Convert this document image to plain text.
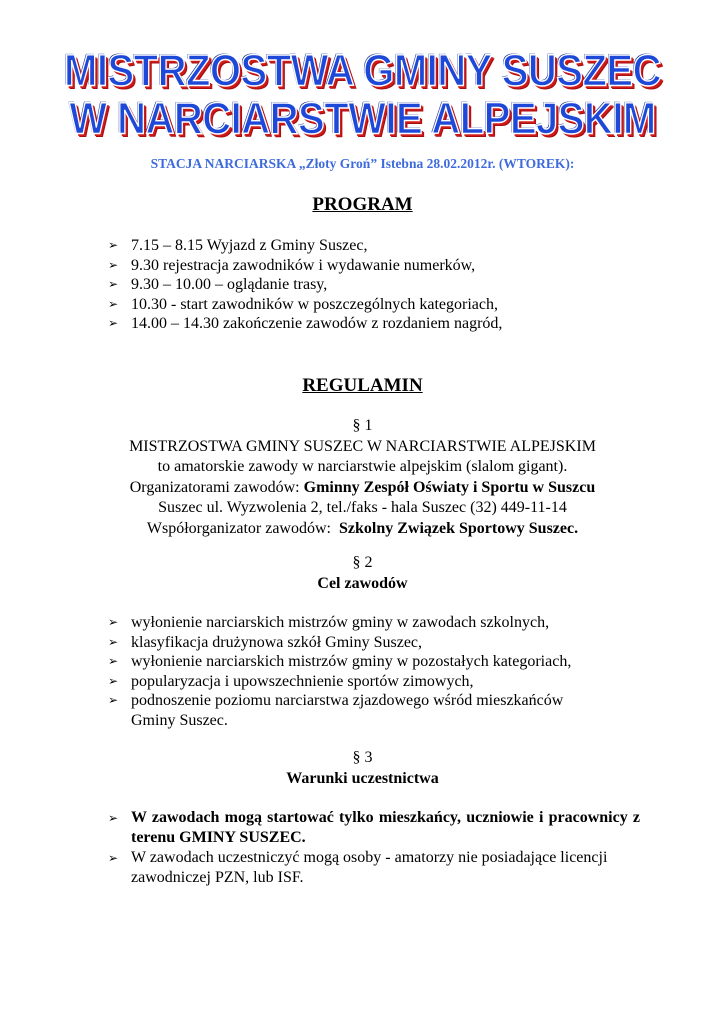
MISTRZOSTWA GMINY SUSZEC
W NARCIARSTWIE ALPEJSKIM
STACJA NARCIARSKA „Złoty Groń” Istebna 28.02.2012r. (WTOREK):
PROGRAM
➢ 7.15 – 8.15 Wyjazd z Gminy Suszec,
➢ 9.30 rejestracja zawodników i wydawanie numerków,
➢ 9.30 – 10.00 – oglądanie trasy,
➢ 10.30 - start zawodników w poszczególnych kategoriach,
➢ 14.00 – 14.30 zakończenie zawodów z rozdaniem nagród,
REGULAMIN
§ 1
MISTRZOSTWA GMINY SUSZEC W NARCIARSTWIE ALPEJSKIM
to amatorskie zawody w narciarstwie alpejskim (slalom gigant).
Organizatorami zawodów: Gminny Zespół Oświaty i Sportu w Suszcu
Suszec ul. Wyzwolenia 2, tel./faks - hala Suszec (32) 449-11-14
Współorganizator zawodów:  Szkolny Związek Sportowy Suszec.
§ 2
Cel zawodów
➢ wyłonienie narciarskich mistrzów gminy w zawodach szkolnych,
➢ klasyfikacja drużynowa szkół Gminy Suszec,
➢ wyłonienie narciarskich mistrzów gminy w pozostałych kategoriach,
➢ popularyzacja i upowszechnienie sportów zimowych,
➢ podnoszenie poziomu narciarstwa zjazdowego wśród mieszkańców Gminy Suszec.
§ 3
Warunki uczestnictwa
➢ W zawodach mogą startować tylko mieszkańcy, uczniowie i pracownicy z terenu GMINY SUSZEC.
➢ W zawodach uczestniczyć mogą osoby - amatorzy nie posiadające licencji zawodniczej PZN, lub ISF.
